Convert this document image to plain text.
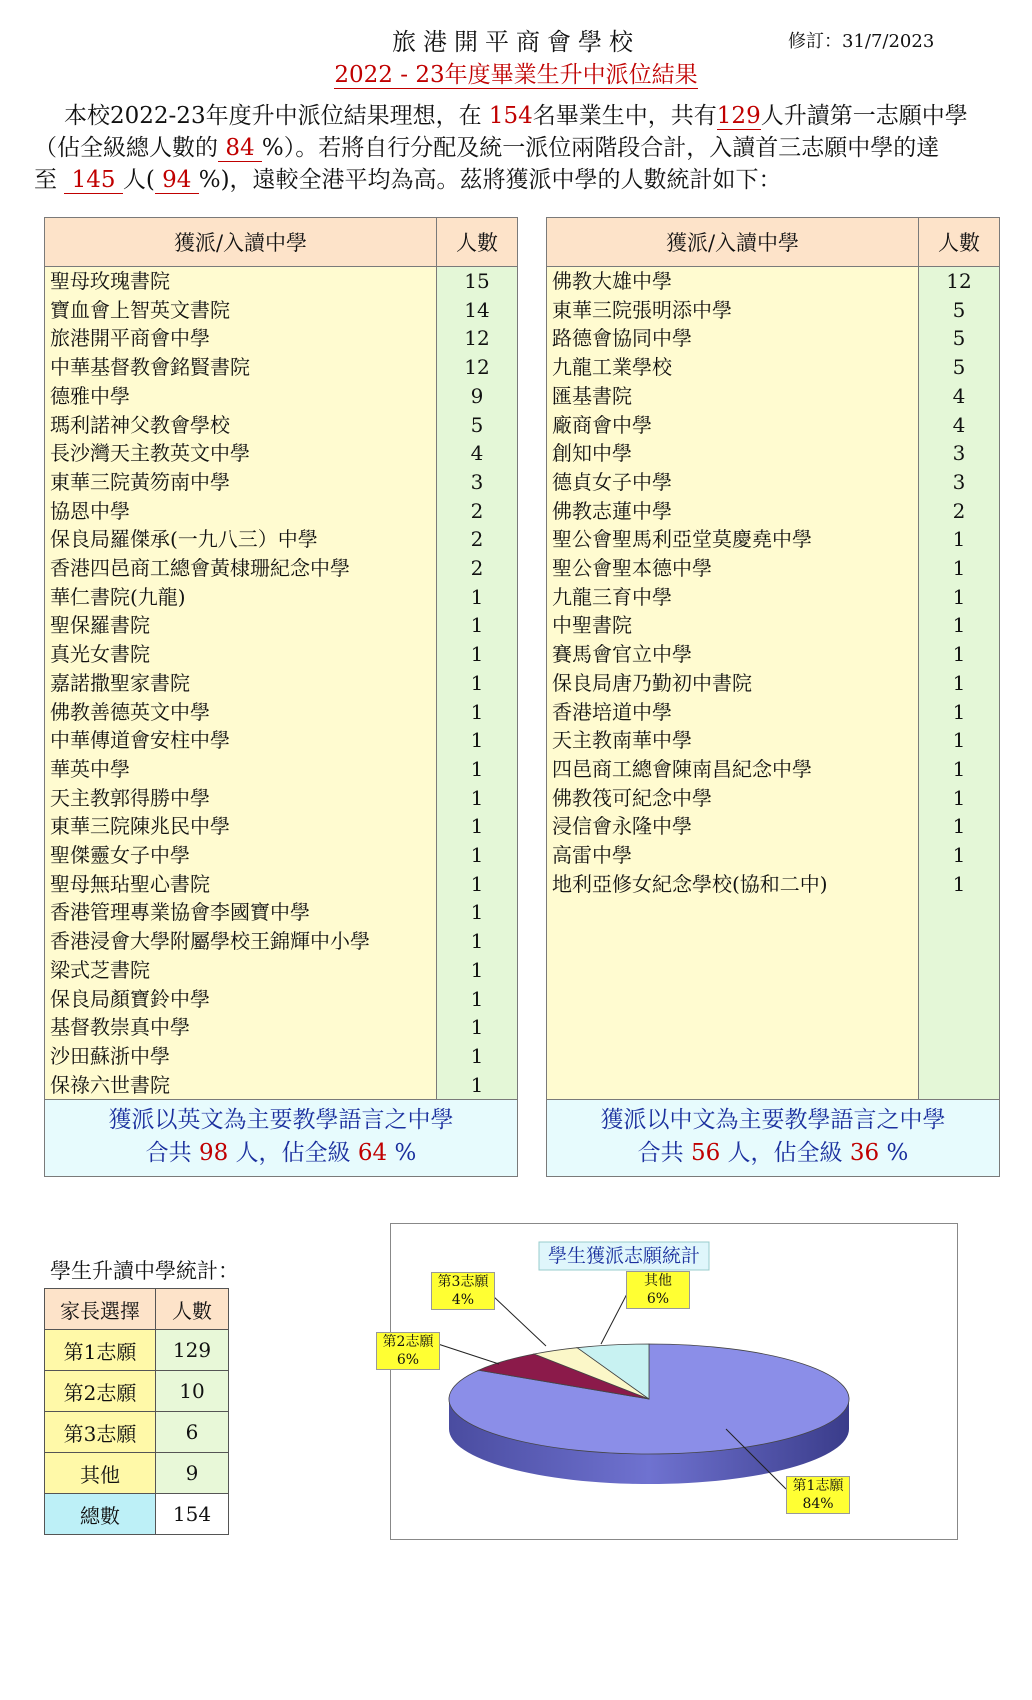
旅港開平商會學校	修訂：31/7/2023
2022 - 23年度畢業生升中派位結果
本校2022-23年度升中派位結果理想，在 154名畢業生中，共有129人升讀第一志願中學
（佔全級總人數的 84 %）。若將自行分配及統一派位兩階段合計，入讀首三志願中學的達
至  145 人( 94 %)，遠較全港平均為高。茲將獲派中學的人數統計如下：
獲派/入讀中學	人數
聖母玫瑰書院	15
寶血會上智英文書院	14
旅港開平商會中學	12
中華基督教會銘賢書院	12
德雅中學	9
瑪利諾神父教會學校	5
長沙灣天主教英文中學	4
東華三院黃笏南中學	3
協恩中學	2
保良局羅傑承(一九八三）中學	2
香港四邑商工總會黃棣珊紀念中學	2
華仁書院(九龍)	1
聖保羅書院	1
真光女書院	1
嘉諾撒聖家書院	1
佛教善德英文中學	1
中華傳道會安柱中學	1
華英中學	1
天主教郭得勝中學	1
東華三院陳兆民中學	1
聖傑靈女子中學	1
聖母無玷聖心書院	1
香港管理專業協會李國寶中學	1
香港浸會大學附屬學校王錦輝中小學	1
梁式芝書院	1
保良局顏寶鈴中學	1
基督教崇真中學	1
沙田蘇浙中學	1
保祿六世書院	1

獲派以英文為主要教學語言之中學
合共 98 人，佔全級 64 %	
獲派/入讀中學	人數
佛教大雄中學	12
東華三院張明添中學	5
路德會協同中學	5
九龍工業學校	5
匯基書院	4
廠商會中學	4
創知中學	3
德貞女子中學	3
佛教志蓮中學	2
聖公會聖馬利亞堂莫慶堯中學	1
聖公會聖本德中學	1
九龍三育中學	1
中聖書院	1
賽馬會官立中學	1
保良局唐乃勤初中書院	1
香港培道中學	1
天主教南華中學	1
四邑商工總會陳南昌紀念中學	1
佛教筏可紀念中學	1
浸信會永隆中學	1
高雷中學	1
地利亞修女紀念學校(協和二中)	1

獲派以中文為主要教學語言之中學
合共 56 人，佔全級 36 %	
學生升讀中學統計：
家長選擇	人數
第1志願	129
第2志願	10
第3志願	6
其他	9
總數	154
學生獲派志願統計
第1志願
84%
第2志願
6%
第3志願
4%
其他
6%
